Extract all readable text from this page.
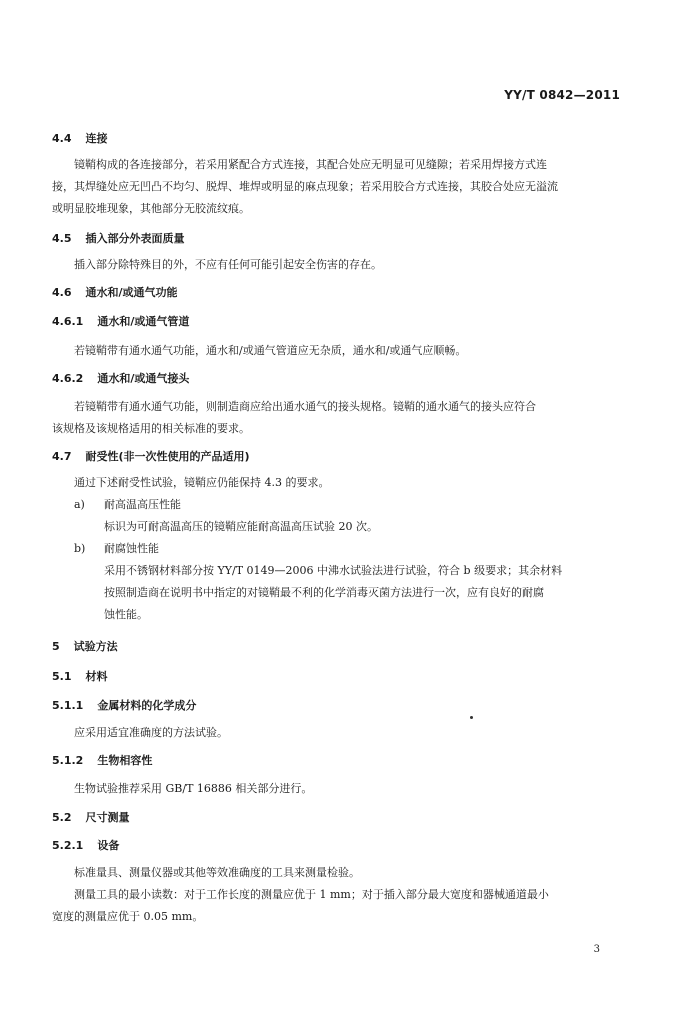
YY/T 0842—2011
4.4 连接
镜鞘构成的各连接部分，若采用紧配合方式连接，其配合处应无明显可见缝隙；若采用焊接方式连
接，其焊缝处应无凹凸不均匀、脱焊、堆焊或明显的麻点现象；若采用胶合方式连接，其胶合处应无溢流
或明显胶堆现象，其他部分无胶流纹痕。
4.5 插入部分外表面质量
插入部分除特殊目的外，不应有任何可能引起安全伤害的存在。
4.6 通水和/或通气功能
4.6.1 通水和/或通气管道
若镜鞘带有通水通气功能，通水和/或通气管道应无杂质，通水和/或通气应顺畅。
4.6.2 通水和/或通气接头
若镜鞘带有通水通气功能，则制造商应给出通水通气的接头规格。镜鞘的通水通气的接头应符合
该规格及该规格适用的相关标准的要求。
4.7 耐受性(非一次性使用的产品适用)
通过下述耐受性试验，镜鞘应仍能保持 4.3 的要求。
a) 耐高温高压性能
标识为可耐高温高压的镜鞘应能耐高温高压试验 20 次。
b) 耐腐蚀性能
采用不锈钢材料部分按 YY/T 0149—2006 中沸水试验法进行试验，符合 b 级要求；其余材料
按照制造商在说明书中指定的对镜鞘最不利的化学消毒灭菌方法进行一次，应有良好的耐腐
蚀性能。
5 试验方法
5.1 材料
5.1.1 金属材料的化学成分
应采用适宜准确度的方法试验。
5.1.2 生物相容性
生物试验推荐采用 GB/T 16886 相关部分进行。
5.2 尺寸测量
5.2.1 设备
标准量具、测量仪器或其他等效准确度的工具来测量检验。
测量工具的最小读数：对于工作长度的测量应优于 1 mm；对于插入部分最大宽度和器械通道最小
宽度的测量应优于 0.05 mm。
3
